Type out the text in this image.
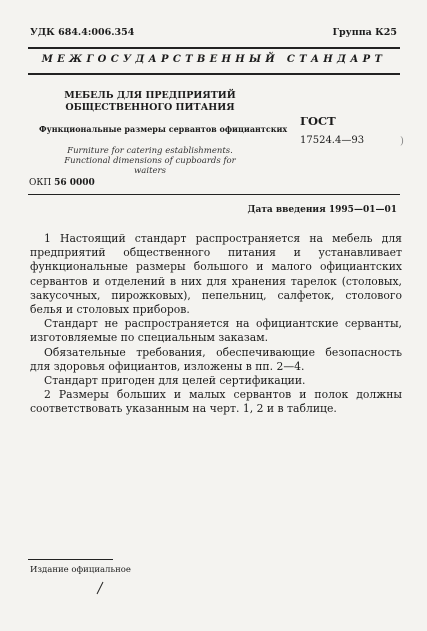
УДК 684.4:006.354	Группа К25
МЕЖГОСУДАРСТВЕННЫЙ СТАНДАРТ
МЕБЕЛЬ ДЛЯ ПРЕДПРИЯТИЙ ОБЩЕСТВЕННОГО ПИТАНИЯ
Функциональные размеры сервантов официантских
Furniture for catering establishments. Functional dimensions of cupboards for waiters
ГОСТ
17524.4—93	)
ОКП 56 0000
Дата введения 1995—01—01

1 Настоящий стандарт распространяется на мебель для предприятий общественного питания и устанавливает функциональные размеры большого и малого официантских сервантов и отделений в них для хранения тарелок (столовых, закусочных, пирожковых), пепельниц, салфеток, столового белья и столовых приборов.

Стандарт не распространяется на официантские серванты, изготовляемые по специальным заказам.

Обязательные требования, обеспечивающие безопасность для здоровья официантов, изложены в пп. 2—4.

Стандарт пригоден для целей сертификации.

2 Размеры больших и малых сервантов и полок должны соответствовать указанным на черт. 1, 2 и в таблице.

Издание официальное
